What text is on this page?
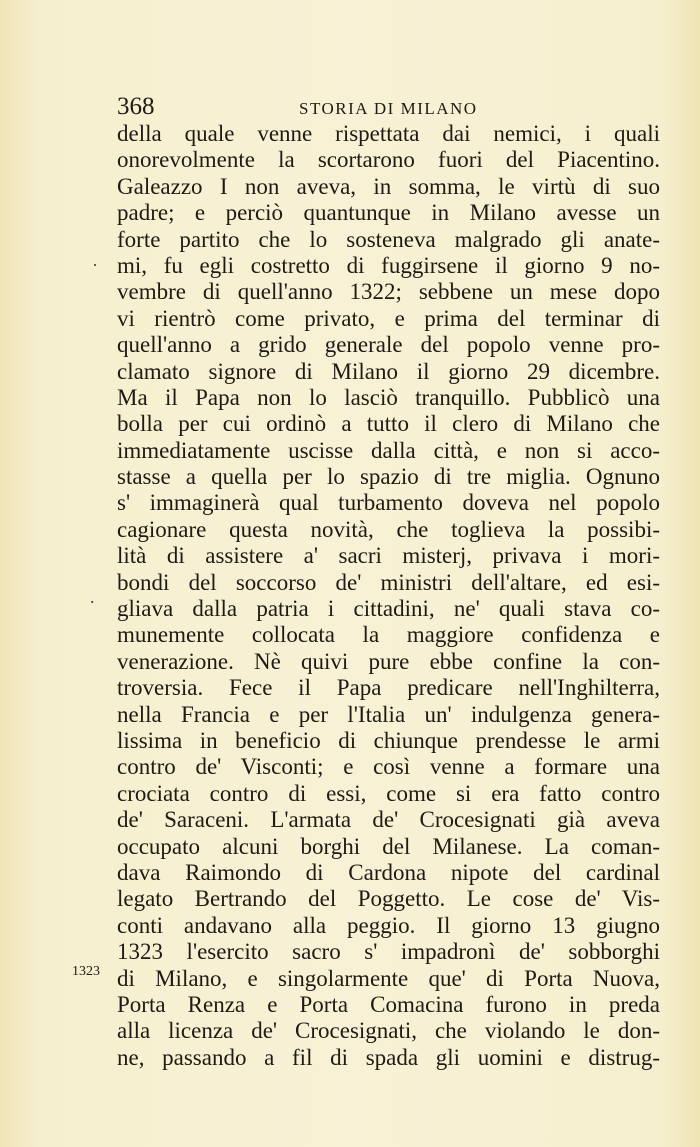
368	STORIA DI MILANO
·
.
1323
della quale venne rispettata dai nemici, i quali
onorevolmente la scortarono fuori del Piacentino.
Galeazzo I non aveva, in somma, le virtù di suo
padre; e perciò quantunque in Milano avesse un
forte partito che lo sosteneva malgrado gli anate-
mi, fu egli costretto di fuggirsene il giorno 9 no-
vembre di quell'anno 1322; sebbene un mese dopo
vi rientrò come privato, e prima del terminar di
quell'anno a grido generale del popolo venne pro-
clamato signore di Milano il giorno 29 dicembre.
Ma il Papa non lo lasciò tranquillo. Pubblicò una
bolla per cui ordinò a tutto il clero di Milano che
immediatamente uscisse dalla città, e non si acco-
stasse a quella per lo spazio di tre miglia. Ognuno
s' immaginerà qual turbamento doveva nel popolo
cagionare questa novità, che toglieva la possibi-
lità di assistere a' sacri misterj, privava i mori-
bondi del soccorso de' ministri dell'altare, ed esi-
gliava dalla patria i cittadini, ne' quali stava co-
munemente collocata la maggiore confidenza e
venerazione. Nè quivi pure ebbe confine la con-
troversia. Fece il Papa predicare nell'Inghilterra,
nella Francia e per l'Italia un' indulgenza genera-
lissima in beneficio di chiunque prendesse le armi
contro de' Visconti; e così venne a formare una
crociata contro di essi, come si era fatto contro
de' Saraceni. L'armata de' Crocesignati già aveva
occupato alcuni borghi del Milanese. La coman-
dava Raimondo di Cardona nipote del cardinal
legato Bertrando del Poggetto. Le cose de' Vis-
conti andavano alla peggio. Il giorno 13 giugno
1323 l'esercito sacro s' impadronì de' sobborghi
di Milano, e singolarmente que' di Porta Nuova,
Porta Renza e Porta Comacina furono in preda
alla licenza de' Crocesignati, che violando le don-
ne, passando a fil di spada gli uomini e distrug-
